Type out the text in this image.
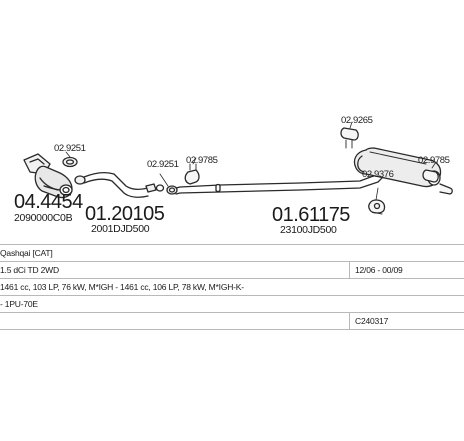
04.4454
2090000C0B 01.20105
2001DJD500
01.61175
23100JD500
02.9251
02.9251 02.9785
02.9265
02.9785
02.9376
Qashqai [CAT]
1.5 dCi TD 2WD	12/06 - 00/09
1461 cc, 103 LP, 76 kW, M*IGH - 1461 cc, 106 LP, 78 kW, M*IGH-K-
- 1PU-70E
C240317
